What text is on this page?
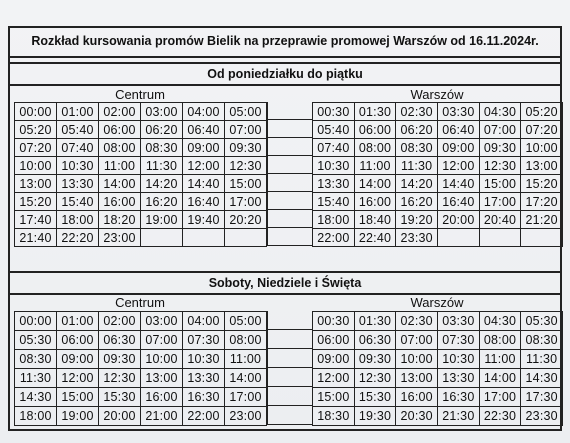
Rozkład kursowania promów Bielik na przeprawie promowej Warszów od 16.11.2024r.
Od poniedziałku do piątku
Centrum	Warszów
00:00 01:00 02:00 03:00 04:00 05:00
05:20 05:40 06:00 06:20 06:40 07:00
07:20 07:40 08:00 08:30 09:00 09:30
10:00 10:30 11:00 11:30 12:00 12:30
13:00 13:30 14:00 14:20 14:40 15:00
15:20 15:40 16:00 16:20 16:40 17:00
17:40 18:00 18:20 19:00 19:40 20:20
21:40 22:20 23:00
00:30 01:30 02:30 03:30 04:30 05:20
05:40 06:00 06:20 06:40 07:00 07:20
07:40 08:00 08:30 09:00 09:30 10:00
10:30 11:00 11:30 12:00 12:30 13:00
13:30 14:00 14:20 14:40 15:00 15:20
15:40 16:00 16:20 16:40 17:00 17:20
18:00 18:40 19:20 20:00 20:40 21:20
22:00 22:40 23:30
Soboty, Niedziele i Święta
Centrum	Warszów
00:00 01:00 02:00 03:00 04:00 05:00
05:30 06:00 06:30 07:00 07:30 08:00
08:30 09:00 09:30 10:00 10:30 11:00
11:30 12:00 12:30 13:00 13:30 14:00
14:30 15:00 15:30 16:00 16:30 17:00
18:00 19:00 20:00 21:00 22:00 23:00
00:30 01:30 02:30 03:30 04:30 05:30
06:00 06:30 07:00 07:30 08:00 08:30
09:00 09:30 10:00 10:30 11:00 11:30
12:00 12:30 13:00 13:30 14:00 14:30
15:00 15:30 16:00 16:30 17:00 17:30
18:30 19:30 20:30 21:30 22:30 23:30
